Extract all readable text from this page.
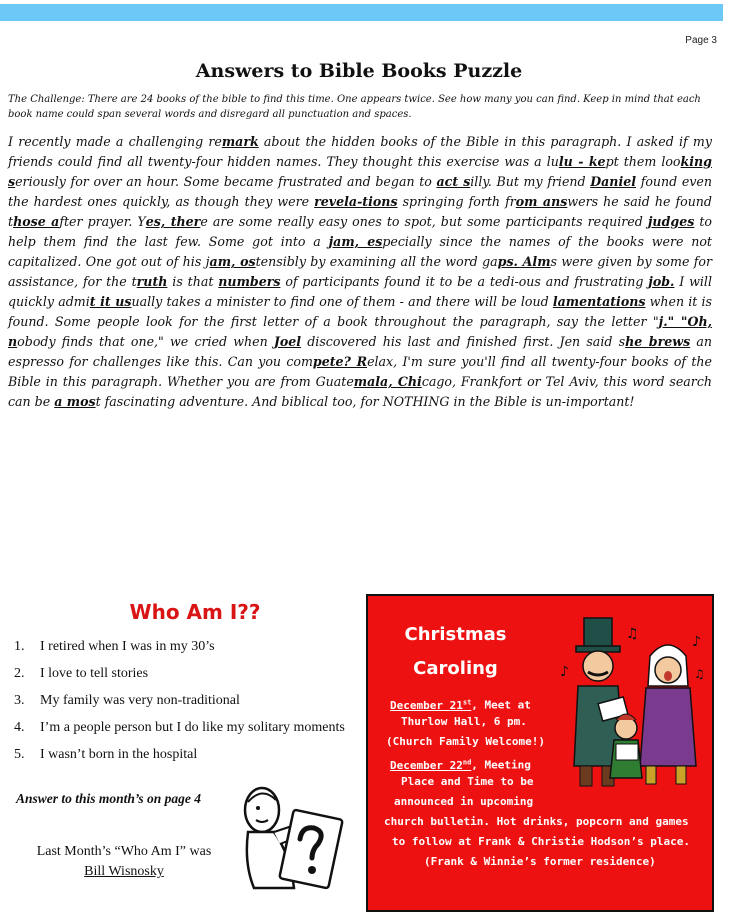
Page 3
Answers to Bible Books Puzzle
The Challenge: There are 24 books of the bible to find this time. One appears twice. See how many you can find. Keep in mind that each book name could span several words and disregard all punctuation and spaces.
I recently made a challenging remark about the hidden books of the Bible in this paragraph. I asked if my friends could find all twenty-four hidden names. They thought this exercise was a lulu - kept them looking seriously for over an hour. Some became frustrated and began to act silly. But my friend Daniel found even the hardest ones quickly, as though they were revela-tions springing forth from answers he said he found those after prayer. Yes, there are some really easy ones to spot, but some participants required judges to help them find the last few. Some got into a jam, especially since the names of the books were not capitalized. One got out of his jam, ostensibly by examining all the word gaps. Alms were given by some for assistance, for the truth is that numbers of participants found it to be a tedi-ous and frustrating job. I will quickly admit it usually takes a minister to find one of them - and there will be loud lamentations when it is found. Some people look for the first letter of a book throughout the paragraph, say the letter "j." "Oh, nobody finds that one," we cried when Joel discovered his last and finished first. Jen said she brews an espresso for challenges like this. Can you compete? Relax, I'm sure you'll find all twenty-four books of the Bible in this paragraph. Whether you are from Guatemala, Chicago, Frankfort or Tel Aviv, this word search can be a most fascinating adventure. And biblical too, for NOTHING in the Bible is un-important!
Who Am I??
1. I retired when I was in my 30’s
2. I love to tell stories
3. My family was very non-traditional
4. I’m a people person but I do like my solitary moments
5. I wasn’t born in the hospital
Answer to this month’s on page 4
Last Month’s “Who Am I” was
Bill Wisnosky
Christmas
Caroling	♪
♫	♪
♫
December 21st, Meet at
Thurlow Hall, 6 pm.
(Church Family Welcome!)
December 22nd, Meeting
Place and Time to be
announced in upcoming
church bulletin. Hot drinks, popcorn and games
to follow at Frank & Christie Hodson’s place.
(Frank & Winnie’s former residence)
